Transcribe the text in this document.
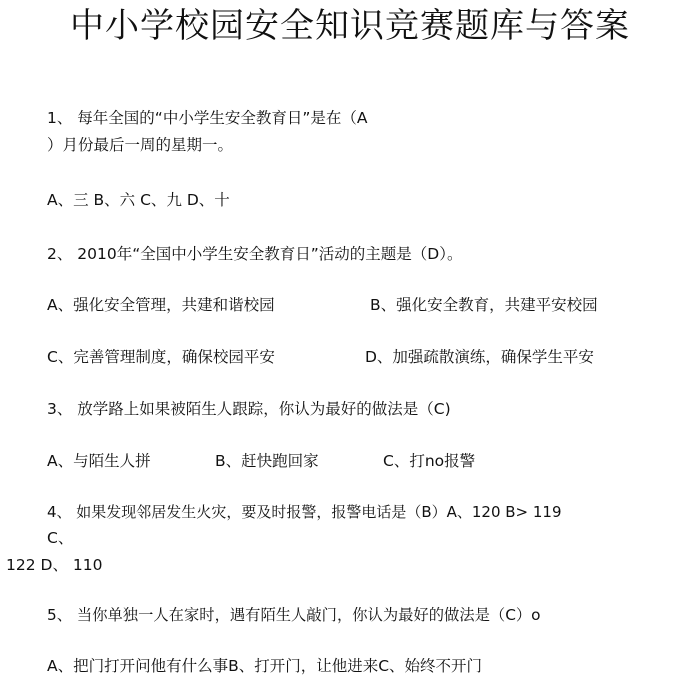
中小学校园安全知识竞赛题库与答案
1、 每年全国的“中小学生安全教育日”是在（A
）月份最后一周的星期一。
A、三 B、六 C、九 D、十
2、 2010年“全国中小学生安全教育日”活动的主题是（D）。
A、强化安全管理，共建和谐校园	B、强化安全教育，共建平安校园
C、完善管理制度，确保校园平安	D、加强疏散演练，确保学生平安
3、 放学路上如果被陌生人跟踪，你认为最好的做法是（C)
A、与陌生人拼	B、赶快跑回家	C、打no报警
4、 如果发现邻居发生火灾，要及时报警，报警电话是（B）A、120 B> 119
C、
122 D、 110
5、 当你单独一人在家时，遇有陌生人敲门，你认为最好的做法是（C）o
A、把门打开问他有什么事B、打开门，让他进来C、始终不开门
